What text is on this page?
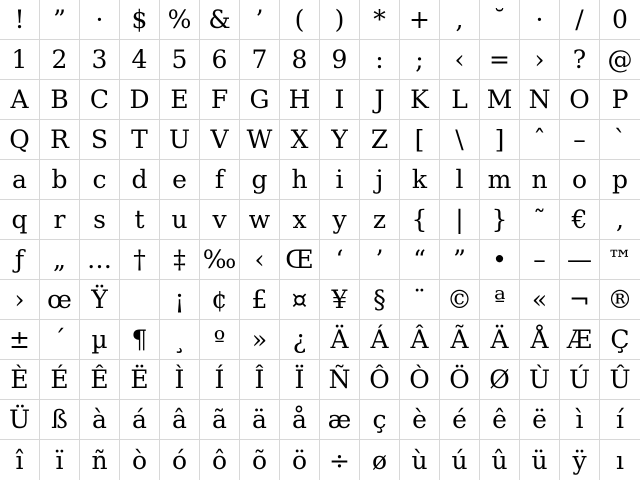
! ” · $ % & ’ ( ) * + , ˘ · / 0
1 2 3 4 5 6 7 8 9 : ; ‹ = › ? @
A B C D E F G H I J K L M N O P
Q R S T U V W X Y Z [ \ ] ˆ – `
a b c d e f g h i j k l m n o p
q r s t u v w x y z { | } ˜ € ,
ƒ „ … † ‡ ‰ ‹ Œ ‘ ’ “ ” • – — ™
› œ Ÿ	¡ ¢ £ ¤ ¥ § ¨ © ª « ¬ ®
± ´ µ ¶ ¸ º » ¿ Ä Á Â Ã Ä Å Æ Ç
È É Ê Ë Ì Í Î Ï Ñ Ô Ò Ö Ø Ù Ú Û
Ü ß à á â ã ä å æ ç è é ê ë ì í
î ï ñ ò ó ô õ ö ÷ ø ù ú û ü ÿ ı
